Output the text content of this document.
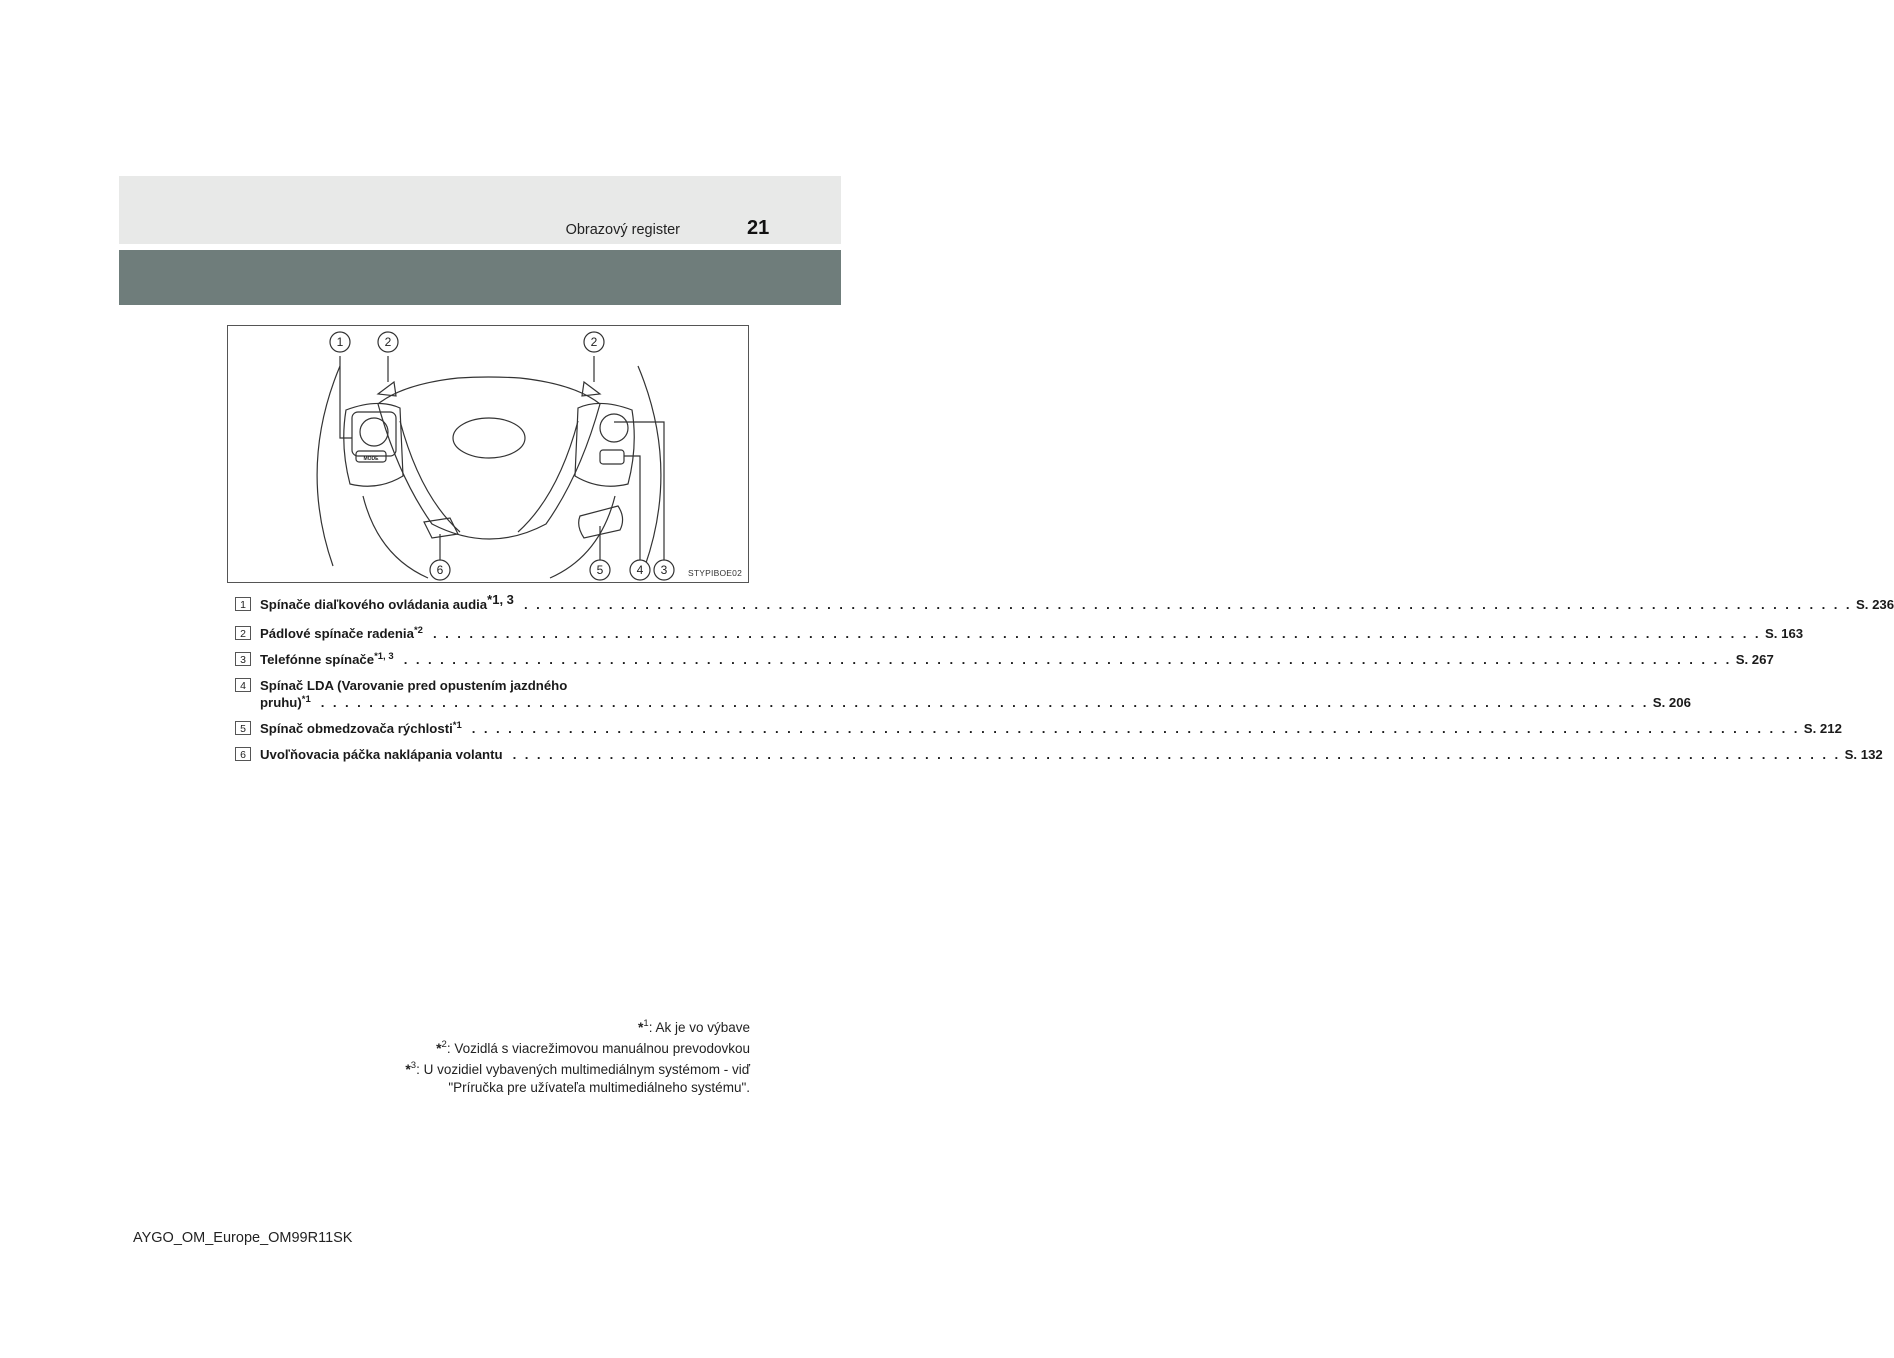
Obrazový register	21
1	2	2
6	5	4 3
MODE
STYPIBOE02
1	Spínače diaľkového ovládania audia$^{*1, 3}$ . . .	S. 236
2	Pádlové spínače radenia$^{*2}$ . . .	S. 163
3	Telefónne spínače$^{*1, 3}$ . . .	S. 267
4	Spínač LDA (Varovanie pred opustením jazdného
pruhu)$^{*1}$ . . .	S. 206
5	Spínač obmedzovača rýchlosti$^{*1}$ . . .	S. 212
6	Uvoľňovacia páčka naklápania volantu . . .	S. 132
*$^1$: Ak je vo výbave
*$^2$: Vozidlá s viacrežimovou manuálnou prevodovkou
*$^3$: U vozidiel vybavených multimediálnym systémom - viď
"Príručka pre užívateľa multimediálneho systému".
AYGO_OM_Europe_OM99R11SK
